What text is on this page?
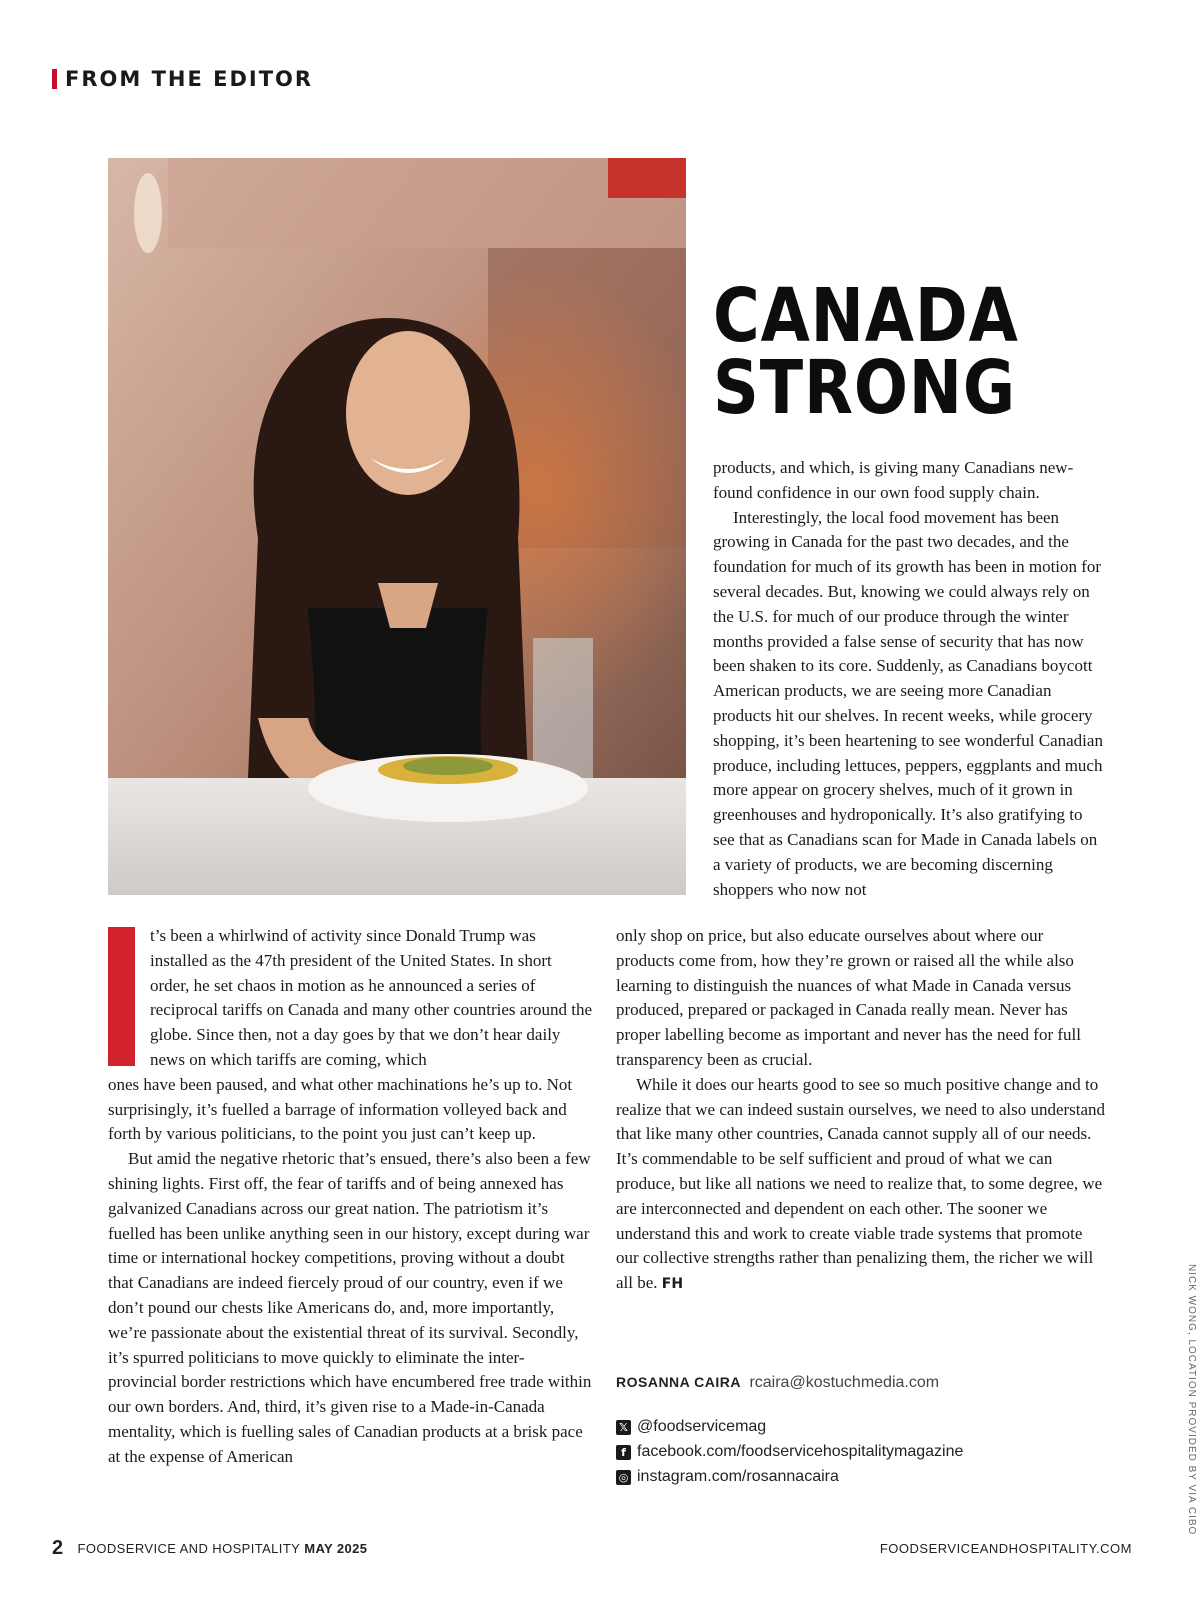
FROM THE EDITOR
CANADA
STRONG

products, and which, is giving many Canadians new-found confidence in our own food supply chain.

Interestingly, the local food movement has been growing in Canada for the past two decades, and the foundation for much of its growth has been in motion for several decades. But, knowing we could always rely on the U.S. for much of our produce through the winter months provided a false sense of security that has now been shaken to its core. Suddenly, as Canadians boycott American products, we are seeing more Canadian products hit our shelves. In recent weeks, while grocery shopping, it’s been heartening to see wonderful Canadian produce, including lettuces, peppers, eggplants and much more appear on grocery shelves, much of it grown in greenhouses and hydroponically. It’s also gratifying to see that as Canadians scan for Made in Canada labels on a variety of products, we are becoming discerning shoppers who now not

t’s been a whirlwind of activity since Donald Trump was installed as the 47th president of the United States. In short order, he set chaos in motion as he announced a series of reciprocal tariffs on Canada and many other countries around the globe. Since then, not a day goes by that we don’t hear daily news on which tariffs are coming, which

ones have been paused, and what other machinations he’s up to. Not surprisingly, it’s fuelled a barrage of information volleyed back and forth by various politicians, to the point you just can’t keep up.

But amid the negative rhetoric that’s ensued, there’s also been a few shining lights. First off, the fear of tariffs and of being annexed has galvanized Canadians across our great nation. The patriotism it’s fuelled has been unlike anything seen in our history, except during war time or international hockey competitions, proving without a doubt that Canadians are indeed fiercely proud of our country, even if we don’t pound our chests like Americans do, and, more importantly, we’re passionate about the existential threat of its survival. Secondly, it’s spurred politicians to move quickly to eliminate the inter-provincial border restrictions which have encumbered free trade within our own borders. And, third, it’s given rise to a Made-in-Canada mentality, which is fuelling sales of Canadian products at a brisk pace at the expense of American

only shop on price, but also educate ourselves about where our products come from, how they’re grown or raised all the while also learning to distinguish the nuances of what Made in Canada versus produced, prepared or packaged in Canada really mean. Never has proper labelling become as important and never has the need for full transparency been as crucial.

While it does our hearts good to see so much positive change and to realize that we can indeed sustain ourselves, we need to also understand that like many other countries, Canada cannot supply all of our needs. It’s commendable to be self sufficient and proud of what we can produce, but like all nations we need to realize that, to some degree, we are interconnected and dependent on each other. The sooner we understand this and work to create viable trade systems that promote our collective strengths rather than penalizing them, the richer we will all be. FH

ROSANNA CAIRA rcaira@kostuchmedia.com
𝕏 @foodservicemag
f facebook.com/foodservicehospitalitymagazine
◎ instagram.com/rosannacaira	NICK WONG, LOCATION PROVIDED BY VIA CIBO
2 FOODSERVICE AND HOSPITALITY MAY 2025	FOODSERVICEANDHOSPITALITY.COM
